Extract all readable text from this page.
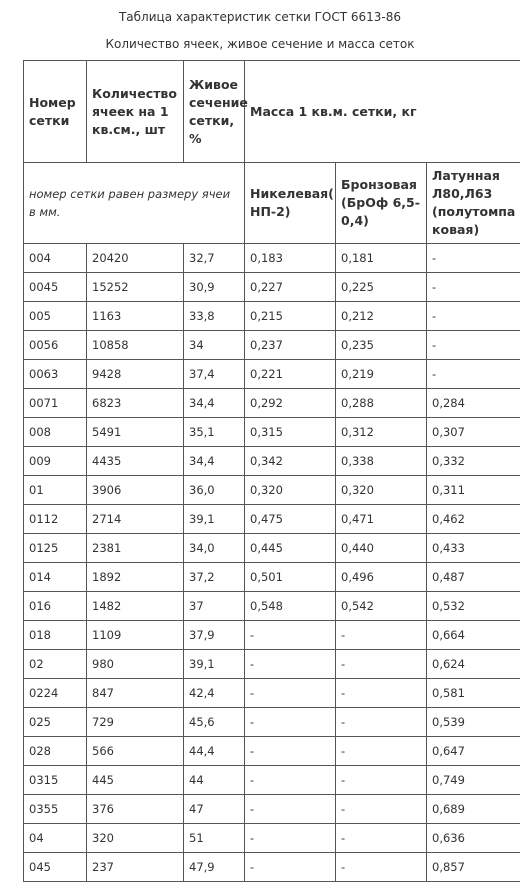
Таблица характеристик сетки ГОСТ 6613-86
Количество ячеек, живое сечение и масса сеток
Номер сетки	Количество ячеек на 1 кв.см., шт	Живое сечение сетки, %	Масса 1 кв.м. сетки, кг		
номер сетки равен размеру ячеи в мм.			Никелевая( НП-2)	Бронзовая (БрОф 6,5-0,4)	Латунная Л80,Л63 (полутомпа ковая)
004	20420	32,7	0,183	0,181	-
0045	15252	30,9	0,227	0,225	-
005	1163	33,8	0,215	0,212	-
0056	10858	34	0,237	0,235	-
0063	9428	37,4	0,221	0,219	-
0071	6823	34,4	0,292	0,288	0,284
008	5491	35,1	0,315	0,312	0,307
009	4435	34,4	0,342	0,338	0,332
01	3906	36,0	0,320	0,320	0,311
0112	2714	39,1	0,475	0,471	0,462
0125	2381	34,0	0,445	0,440	0,433
014	1892	37,2	0,501	0,496	0,487
016	1482	37	0,548	0,542	0,532
018	1109	37,9	-	-	0,664
02	980	39,1	-	-	0,624
0224	847	42,4	-	-	0,581
025	729	45,6	-	-	0,539
028	566	44,4	-	-	0,647
0315	445	44	-	-	0,749
0355	376	47	-	-	0,689
04	320	51	-	-	0,636
045	237	47,9	-	-	0,857
